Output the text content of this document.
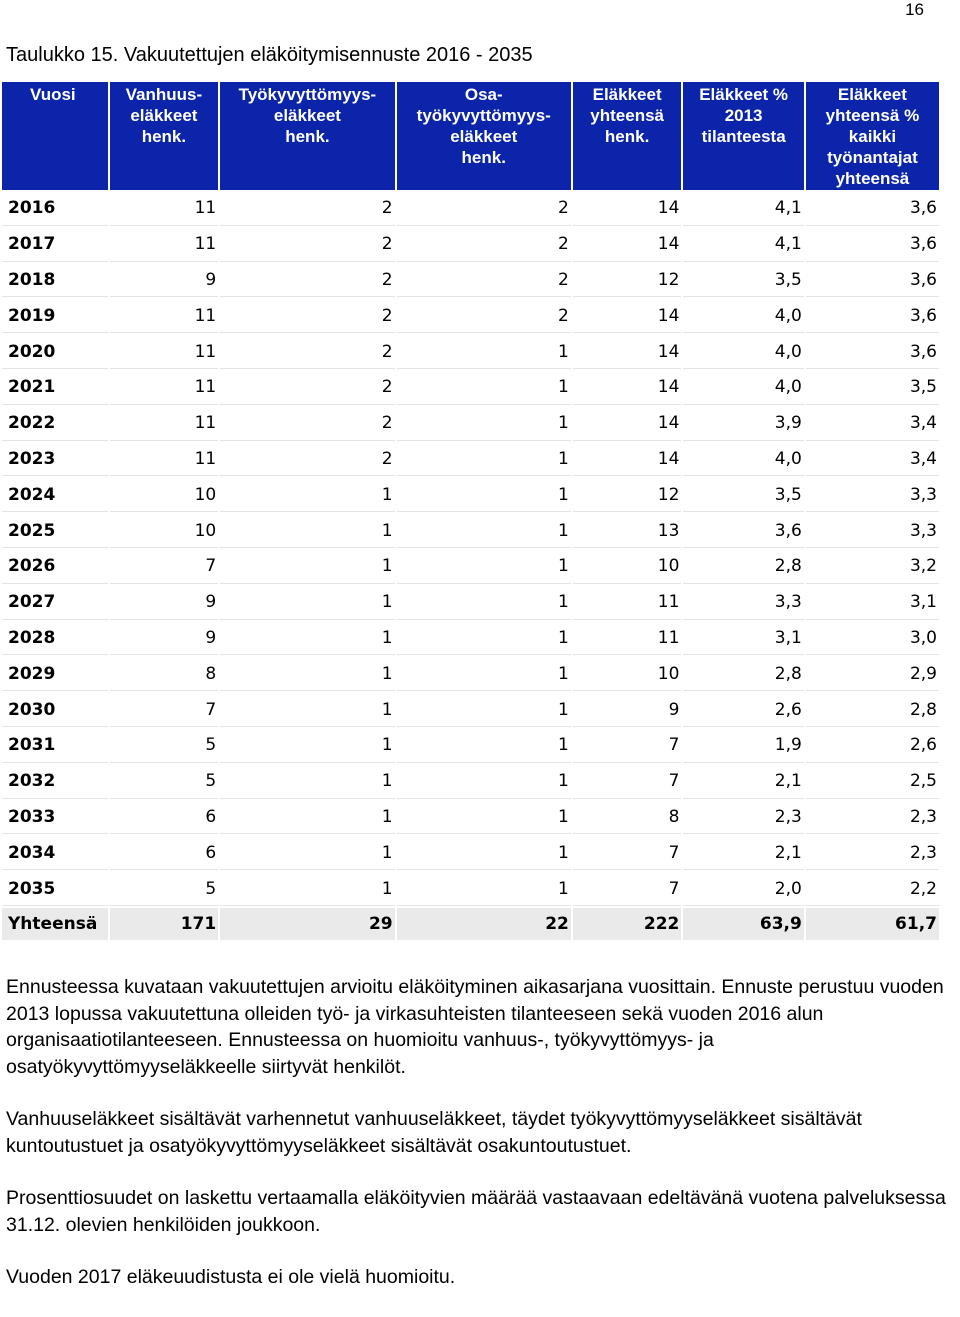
16
Taulukko 15. Vakuutettujen eläköitymisennuste 2016 - 2035
Vuosi	Vanhuus-
eläkkeet
henk.	Työkyvyttömyys-
eläkkeet
henk.	Osa-
työkyvyttömyys-
eläkkeet
henk.	Eläkkeet
yhteensä
henk.	Eläkkeet %
2013
tilanteesta	Eläkkeet
yhteensä %
kaikki
työnantajat
yhteensä
2016	11	2	2	14	4,1	3,6
2017	11	2	2	14	4,1	3,6
2018	9	2	2	12	3,5	3,6
2019	11	2	2	14	4,0	3,6
2020	11	2	1	14	4,0	3,6
2021	11	2	1	14	4,0	3,5
2022	11	2	1	14	3,9	3,4
2023	11	2	1	14	4,0	3,4
2024	10	1	1	12	3,5	3,3
2025	10	1	1	13	3,6	3,3
2026	7	1	1	10	2,8	3,2
2027	9	1	1	11	3,3	3,1
2028	9	1	1	11	3,1	3,0
2029	8	1	1	10	2,8	2,9
2030	7	1	1	9	2,6	2,8
2031	5	1	1	7	1,9	2,6
2032	5	1	1	7	2,1	2,5
2033	6	1	1	8	2,3	2,3
2034	6	1	1	7	2,1	2,3
2035	5	1	1	7	2,0	2,2
Yhteensä	171	29	22	222	63,9	61,7

Ennusteessa kuvataan vakuutettujen arvioitu eläköityminen aikasarjana vuosittain. Ennuste perustuu vuoden 2013 lopussa vakuutettuna olleiden työ- ja virkasuhteisten tilanteeseen sekä vuoden 2016 alun organisaatiotilanteeseen. Ennusteessa on huomioitu vanhuus-, työkyvyttömyys- ja osatyökyvyttömyyseläkkeelle siirtyvät henkilöt.

Vanhuuseläkkeet sisältävät varhennetut vanhuuseläkkeet, täydet työkyvyttömyyseläkkeet sisältävät kuntoutustuet ja osatyökyvyttömyyseläkkeet sisältävät osakuntoutustuet.

Prosenttiosuudet on laskettu vertaamalla eläköityvien määrää vastaavaan edeltävänä vuotena palveluksessa 31.12. olevien henkilöiden joukkoon.

Vuoden 2017 eläkeuudistusta ei ole vielä huomioitu.
